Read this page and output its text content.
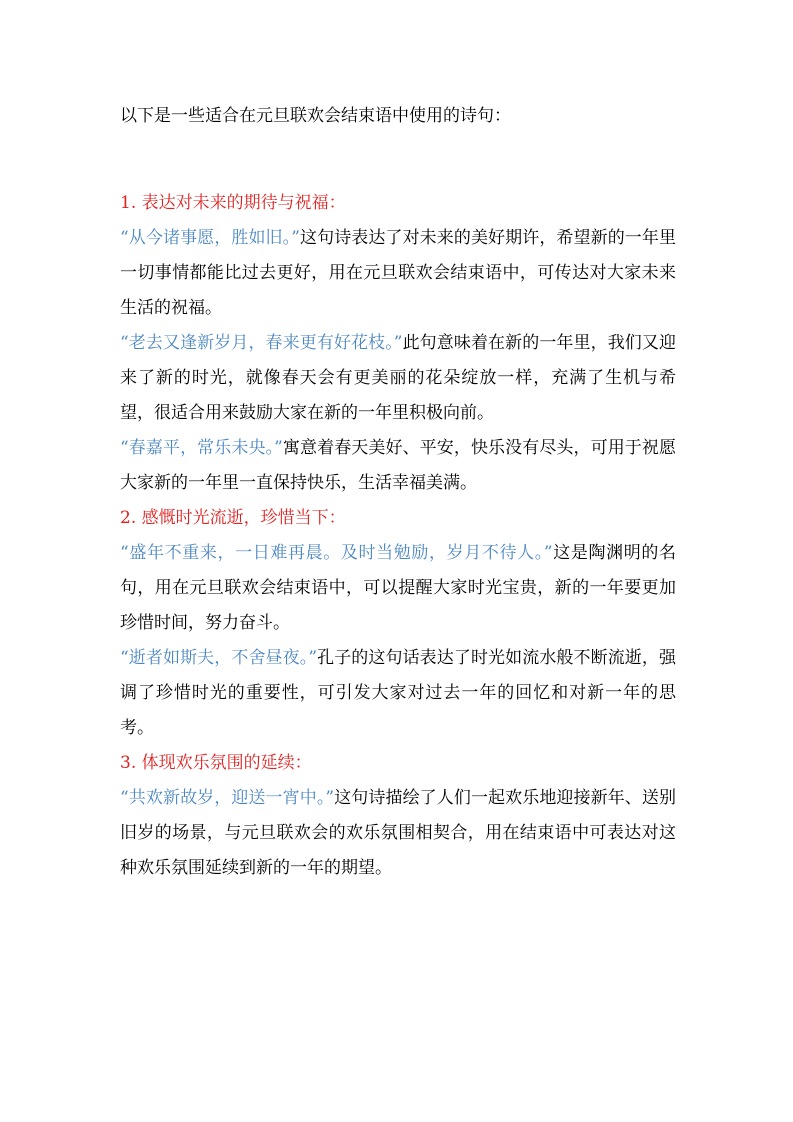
以下是一些适合在元旦联欢会结束语中使用的诗句：

1. 表达对未来的期待与祝福：

“从今诸事愿，胜如旧。”这句诗表达了对未来的美好期许，希望新的一年里一切事情都能比过去更好，用在元旦联欢会结束语中，可传达对大家未来生活的祝福。

“老去又逢新岁月，春来更有好花枝。”此句意味着在新的一年里，我们又迎来了新的时光，就像春天会有更美丽的花朵绽放一样，充满了生机与希望，很适合用来鼓励大家在新的一年里积极向前。

“春嘉平，常乐未央。”寓意着春天美好、平安，快乐没有尽头，可用于祝愿大家新的一年里一直保持快乐，生活幸福美满。

2. 感慨时光流逝，珍惜当下：

“盛年不重来，一日难再晨。及时当勉励，岁月不待人。”这是陶渊明的名句，用在元旦联欢会结束语中，可以提醒大家时光宝贵，新的一年要更加珍惜时间，努力奋斗。

“逝者如斯夫，不舍昼夜。”孔子的这句话表达了时光如流水般不断流逝，强调了珍惜时光的重要性，可引发大家对过去一年的回忆和对新一年的思考。

3. 体现欢乐氛围的延续：

“共欢新故岁，迎送一宵中。”这句诗描绘了人们一起欢乐地迎接新年、送别旧岁的场景，与元旦联欢会的欢乐氛围相契合，用在结束语中可表达对这种欢乐氛围延续到新的一年的期望。
